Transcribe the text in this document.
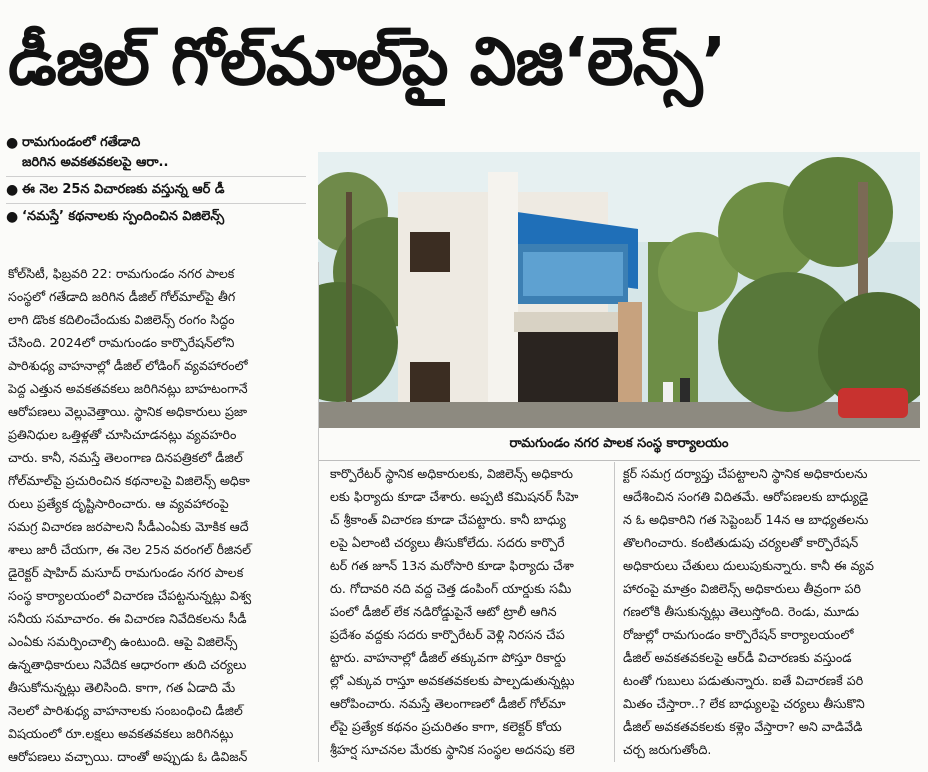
డీజిల్ గోల్‌మాల్‌పై విజి‘లెన్స్’
● రామగుండంలో గతేడాది
జరిగిన అవకతవకలపై ఆరా..
● ఈ నెల 25న విచారణకు వస్తున్న ఆర్ డీ
● ‘నమస్తే’ కథనాలకు స్పందించిన విజిలెన్స్
రామగుండం నగర పాలక సంస్థ కార్యాలయం
కోల్‌సిటీ, ఫిబ్రవరి 22: రామగుండం నగర పాలక
సంస్థలో గతేడాది జరిగిన డీజిల్ గోల్‌మాల్‌పై తీగ
లాగి డొంక కదిలించేందుకు విజిలెన్స్ రంగం సిద్ధం
చేసింది. 2024లో రామగుండం కార్పొరేషన్‌లోని
పారిశుధ్య వాహనాల్లో డీజిల్ లోడింగ్ వ్యవహారంలో
పెద్ద ఎత్తున అవకతవకలు జరిగినట్లు బాహటంగానే
ఆరోపణలు వెల్లువెత్తాయి. స్థానిక అధికారులు ప్రజా
ప్రతినిధుల ఒత్తిళ్లతో చూసిచూడనట్లు వ్యవహరిం
చారు. కానీ, నమస్తే తెలంగాణ దినపత్రికలో డీజిల్
గోల్‌మాల్‌పై ప్రచురించిన కథనాలపై విజిలెన్స్ అధికా
రులు ప్రత్యేక దృష్టిసారించారు. ఆ వ్యవహారంపై
సమగ్ర విచారణ జరపాలని సీడీఎంఏకు మోకిక ఆదే
శాలు జారీ చేయగా, ఈ నెల 25న వరంగల్ రీజినల్
డైరెక్టర్ షాహిద్ మసూద్ రామగుండం నగర పాలక
సంస్థ కార్యాలయంలో విచారణ చేపట్టనున్నట్లు విశ్వ
సనీయ సమాచారం. ఈ విచారణ నివేదికలను సీడీ
ఎంఏకు సమర్పించాల్సి ఉంటుంది. ఆపై విజిలెన్స్
ఉన్నతాధికారులు నివేదిక ఆధారంగా తుది చర్యలు
తీసుకోనున్నట్లు తెలిసింది. కాగా, గత ఏడాది మే
నెలలో పారిశుధ్య వాహనాలకు సంబంధించి డీజిల్
విషయంలో రూ.లక్షలు అవకతవకలు జరిగినట్లు
ఆరోపణలు వచ్చాయి. దాంతో అప్పుడు ఓ డివిజన్
కార్పొరేటర్ స్థానిక అధికారులకు, విజిలెన్స్ అధికారు
లకు ఫిర్యాదు కూడా చేశారు. అప్పటి కమిషనర్ సీహె
చ్ శ్రీకాంత్ విచారణ కూడా చేపట్టారు. కానీ బాధ్యు
లపై ఏలాంటి చర్యలు తీసుకోలేదు. సదరు కార్పొరే
టర్ గత జూన్ 13న మరోసారి కూడా ఫిర్యాదు చేశా
రు. గోదావరి నది వద్ద చెత్త డంపింగ్ యార్డుకు సమీ
పంలో డీజిల్ లేక నడిరోడ్డుపైనే ఆటో ట్రాలీ ఆగిన
ప్రదేశం వద్దకు సదరు కార్పొరేటర్ వెళ్లి నిరసన చేప
ట్టారు. వాహనాల్లో డీజిల్ తక్కువగా పోస్తూ రికార్డు
ల్లో ఎక్కువ రాస్తూ అవకతవకలకు పాల్పడుతున్నట్లు
ఆరోపించారు. నమస్తే తెలంగాణలో డీజిల్ గోల్‌మా
ల్‌పై ప్రత్యేక కథనం ప్రచురితం కాగా, కలెక్టర్ కోయ
శ్రీహర్ష సూచనల మేరకు స్థానిక సంస్థల అదనపు కలె
క్టర్ సమగ్ర దర్యాప్తు చేపట్టాలని స్థానిక అధికారులను
ఆదేశించిన సంగతి విదితమే. ఆరోపణలకు బాధ్యుడై
న ఓ అధికారిని గత సెప్టెంబర్ 14న ఆ బాధ్యతలను
తొలగించారు. కంటితుడుపు చర్యలతో కార్పొరేషన్
అధికారులు చేతులు దులుపుకున్నారు. కానీ ఈ వ్యవ
హారంపై మాత్రం విజిలెన్స్ అధికారులు తీవ్రంగా పరి
గణలోకి తీసుకున్నట్లు తెలుస్తోంది. రెండు, మూడు
రోజుల్లో రామగుండం కార్పొరేషన్ కార్యాలయంలో
డీజిల్ అవకతవకలపై ఆర్‌డీ విచారణకు వస్తుండ
టంతో గుబులు పడుతున్నారు. ఐతే విచారణకే పరి
మితం చేస్తారా..? లేక బాధ్యులపై చర్యలు తీసుకొని
డీజిల్ అవకతవకలకు కళ్లెం వేస్తారా? అని వాడివేడి
చర్చ జరుగుతోంది.
